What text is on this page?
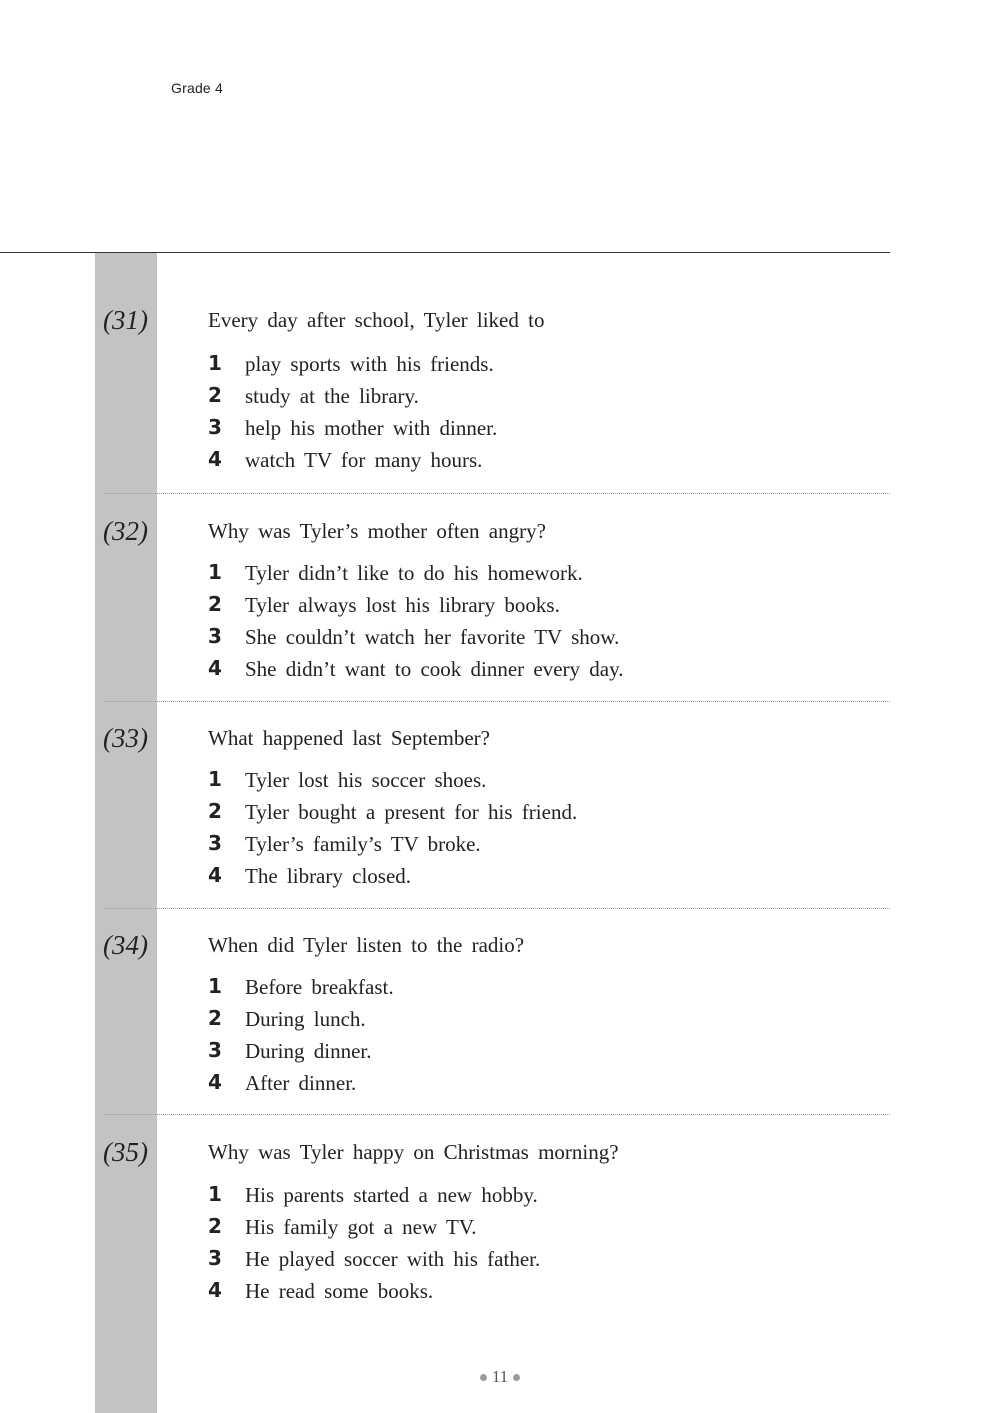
Grade 4
(31)	Every day after school, Tyler liked to
1 play sports with his friends.
2 study at the library.
3 help his mother with dinner.
4 watch TV for many hours.
(32)	Why was Tyler’s mother often angry?
1 Tyler didn’t like to do his homework.
2 Tyler always lost his library books.
3 She couldn’t watch her favorite TV show.
4 She didn’t want to cook dinner every day.
(33)	What happened last September?
1 Tyler lost his soccer shoes.
2 Tyler bought a present for his friend.
3 Tyler’s family’s TV broke.
4 The library closed.
(34)	When did Tyler listen to the radio?
1 Before breakfast.
2 During lunch.
3 During dinner.
4 After dinner.
(35)	Why was Tyler happy on Christmas morning?
1 His parents started a new hobby.
2 His family got a new TV.
3 He played soccer with his father.
4 He read some books.
11
